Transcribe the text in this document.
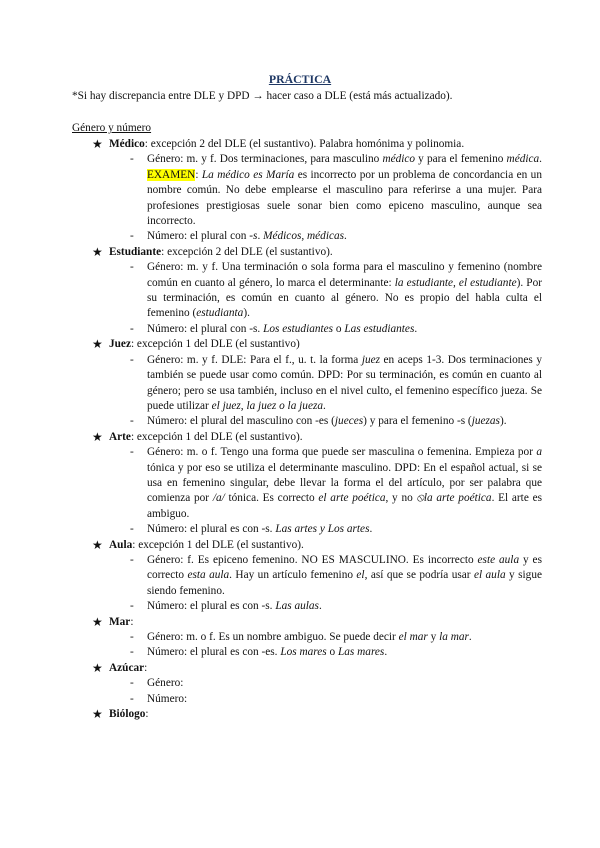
PRÁCTICA
*Si hay discrepancia entre DLE y DPD → hacer caso a DLE (está más actualizado).
Género y número
★ Médico: excepción 2 del DLE (el sustantivo). Palabra homónima y polinomia.
- Género: m. y f. Dos terminaciones, para masculino médico y para el femenino médica. EXAMEN: La médico es María es incorrecto por un problema de concordancia en un nombre común. No debe emplearse el masculino para referirse a una mujer. Para profesiones prestigiosas suele sonar bien como epiceno masculino, aunque sea incorrecto.
- Número: el plural con -s. Médicos, médicas.
★ Estudiante: excepción 2 del DLE (el sustantivo).
- Género: m. y f. Una terminación o sola forma para el masculino y femenino (nombre común en cuanto al género, lo marca el determinante: la estudiante, el estudiante). Por su terminación, es común en cuanto al género. No es propio del habla culta el femenino (estudianta).
- Número: el plural con -s. Los estudiantes o Las estudiantes.
★ Juez: excepción 1 del DLE (el sustantivo)
- Género: m. y f. DLE: Para el f., u. t. la forma juez en aceps 1-3. Dos terminaciones y también se puede usar como común. DPD: Por su terminación, es común en cuanto al género; pero se usa también, incluso en el nivel culto, el femenino específico jueza. Se puede utilizar el juez, la juez o la jueza.
- Número: el plural del masculino con -es (jueces) y para el femenino -s (juezas).
★ Arte: excepción 1 del DLE (el sustantivo).
- Género: m. o f. Tengo una forma que puede ser masculina o femenina. Empieza por a tónica y por eso se utiliza el determinante masculino. DPD: En el español actual, si se usa en femenino singular, debe llevar la forma el del artículo, por ser palabra que comienza por /a/ tónica. Es correcto el arte poética, y no ⦸la arte poética. El arte es ambiguo.
- Número: el plural es con -s. Las artes y Los artes.
★ Aula: excepción 1 del DLE (el sustantivo).
- Género: f. Es epiceno femenino. NO ES MASCULINO. Es incorrecto este aula y es correcto esta aula. Hay un artículo femenino el, así que se podría usar el aula y sigue siendo femenino.
- Número: el plural es con -s. Las aulas.
★ Mar:
- Género: m. o f. Es un nombre ambiguo. Se puede decir el mar y la mar.
- Número: el plural es con -es. Los mares o Las mares.
★ Azúcar:
- Género:
- Número:
★ Biólogo:
